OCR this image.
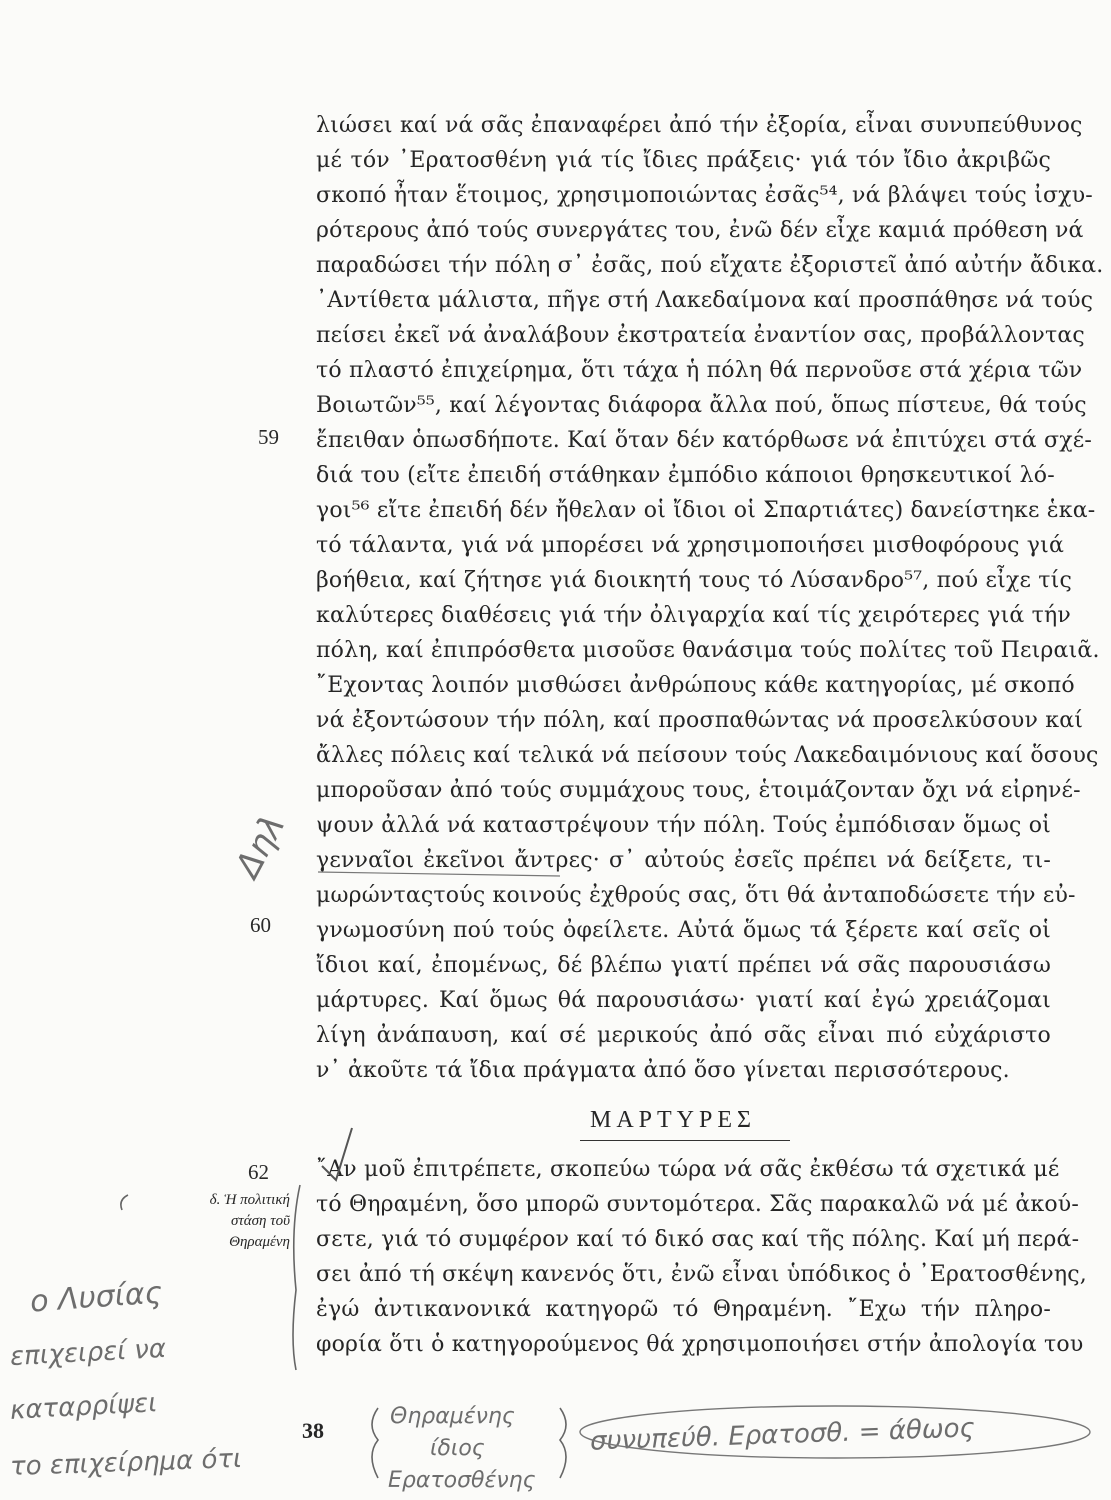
λιώσει καί νά σᾶς ἐπαναφέρει ἀπό τήν ἐξορία, εἶναι συνυπεύθυνος
μέ τόν ᾿Ερατοσθένη γιά τίς ἴδιες πράξεις· γιά τόν ἴδιο ἀκριβῶς
σκοπό ἦταν ἕτοιμος, χρησιμοποιώντας ἐσᾶς⁵⁴, νά βλάψει τούς ἰσχυ-
ρότερους ἀπό τούς συνεργάτες του, ἐνῶ δέν εἶχε καμιά πρόθεση νά
παραδώσει τήν πόλη σ᾿ ἐσᾶς, πού εἴχατε ἐξοριστεῖ ἀπό αὐτήν ἄδικα.
᾿Αντίθετα μάλιστα, πῆγε στή Λακεδαίμονα καί προσπάθησε νά τούς
πείσει ἐκεῖ νά ἀναλάβουν ἐκστρατεία ἐναντίον σας, προβάλλοντας
τό πλαστό ἐπιχείρημα, ὅτι τάχα ἡ πόλη θά περνοῦσε στά χέρια τῶν
Βοιωτῶν⁵⁵, καί λέγοντας διάφορα ἄλλα πού, ὅπως πίστευε, θά τούς
ἔπειθαν ὁπωσδήποτε. Καί ὅταν δέν κατόρθωσε νά ἐπιτύχει στά σχέ-
διά του (εἴτε ἐπειδή στάθηκαν ἐμπόδιο κάποιοι θρησκευτικοί λό-
γοι⁵⁶ εἴτε ἐπειδή δέν ἤθελαν οἱ ἴδιοι οἱ Σπαρτιάτες) δανείστηκε ἑκα-
τό τάλαντα, γιά νά μπορέσει νά χρησιμοποιήσει μισθοφόρους γιά
βοήθεια, καί ζήτησε γιά διοικητή τους τό Λύσανδρο⁵⁷, πού εἶχε τίς
καλύτερες διαθέσεις γιά τήν ὀλιγαρχία καί τίς χειρότερες γιά τήν
πόλη, καί ἐπιπρόσθετα μισοῦσε θανάσιμα τούς πολίτες τοῦ Πειραιᾶ.
῎Εχοντας λοιπόν μισθώσει ἀνθρώπους κάθε κατηγορίας, μέ σκοπό
νά ἐξοντώσουν τήν πόλη, καί προσπαθώντας νά προσελκύσουν καί
ἄλλες πόλεις καί τελικά νά πείσουν τούς Λακεδαιμόνιους καί ὅσους
μποροῦσαν ἀπό τούς συμμάχους τους, ἑτοιμάζονταν ὄχι νά εἰρηνέ-
ψουν ἀλλά νά καταστρέψουν τήν πόλη. Τούς ἐμπόδισαν ὅμως οἱ
γενναῖοι ἐκεῖνοι ἄντρες· σ᾿ αὐτούς ἐσεῖς πρέπει νά δείξετε, τι-
μωρώνταςτούς κοινούς ἐχθρούς σας, ὅτι θά ἀνταποδώσετε τήν εὐ-
γνωμοσύνη πού τούς ὀφείλετε. Αὐτά ὅμως τά ξέρετε καί σεῖς οἱ
ἴδιοι καί, ἐπομένως, δέ βλέπω γιατί πρέπει νά σᾶς παρουσιάσω
μάρτυρες. Καί ὅμως θά παρουσιάσω· γιατί καί ἐγώ χρειάζομαι
λίγη ἀνάπαυση, καί σέ μερικούς ἀπό σᾶς εἶναι πιό εὐχάριστο
ν᾿ ἀκοῦτε τά ἴδια πράγματα ἀπό ὅσο γίνεται περισσότερους.
῎Αν μοῦ ἐπιτρέπετε, σκοπεύω τώρα νά σᾶς ἐκθέσω τά σχετικά μέ
τό Θηραμένη, ὅσο μπορῶ συντομότερα. Σᾶς παρακαλῶ νά μέ ἀκού-
σετε, γιά τό συμφέρον καί τό δικό σας καί τῆς πόλης. Καί μή περά-
σει ἀπό τή σκέψη κανενός ὅτι, ἐνῶ εἶναι ὑπόδικος ὁ ᾿Ερατοσθένης,
ἐγώ ἀντικανονικά κατηγορῶ τό Θηραμένη. ῎Εχω τήν πληρο-
φορία ὅτι ὁ κατηγορούμενος θά χρησιμοποιήσει στήν ἀπολογία του
59
60
62
ΜΑΡΤΥΡΕΣ
δ. Ἡ πολιτική
στάση τοῦ
Θηραμένη
38
Δηλ
ο Λυσίας
επιχειρεί να
καταρρίψει
το επιχείρημα ότι
Θηραμένης
ίδιος
Ερατοσθένης
συνυπεύθ. Ερατοσθ. = άθωος
